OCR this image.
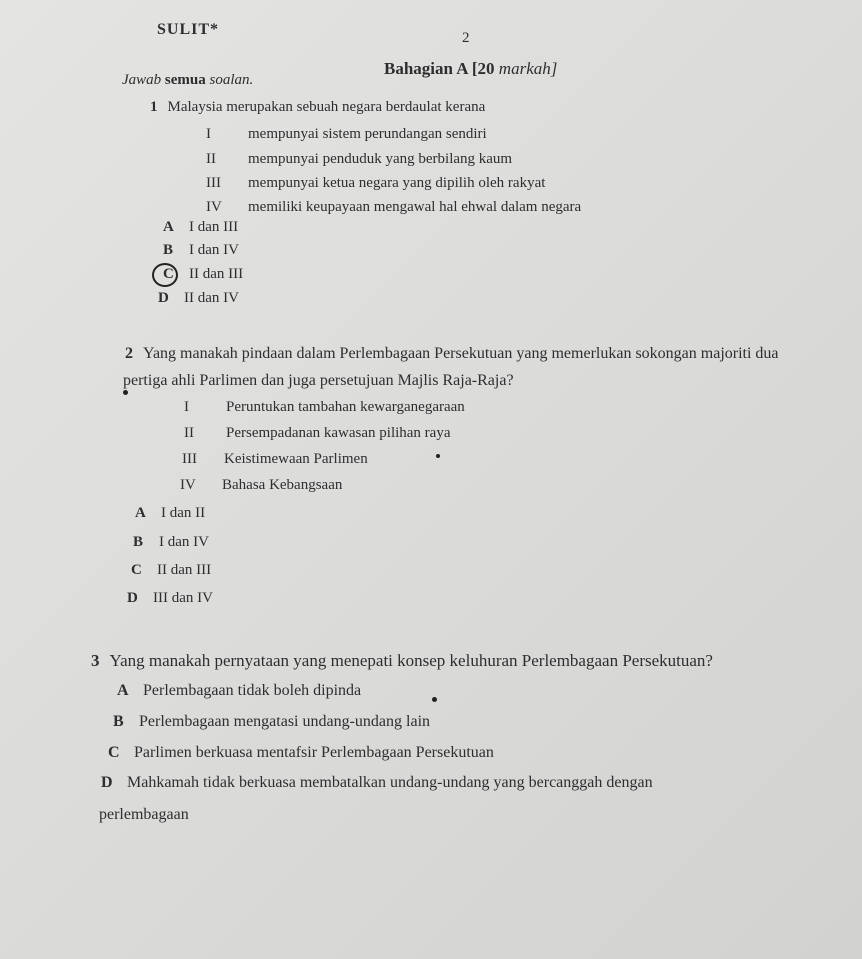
SULIT*	2
Bahagian A [20 markah]
Jawab semua soalan.
1 Malaysia merupakan sebuah negara berdaulat kerana
I mempunyai sistem perundangan sendiri
II mempunyai penduduk yang berbilang kaum
III mempunyai ketua negara yang dipilih oleh rakyat
IV memiliki keupayaan mengawal hal ehwal dalam negara
A I dan III
B I dan IV
C II dan III
D II dan IV
2 Yang manakah pindaan dalam Perlembagaan Persekutuan yang memerlukan sokongan majoriti dua
pertiga ahli Parlimen dan juga persetujuan Majlis Raja-Raja?
I Peruntukan tambahan kewarganegaraan
II Persempadanan kawasan pilihan raya
III Keistimewaan Parlimen
IV Bahasa Kebangsaan
A I dan II
B I dan IV
C II dan III
D III dan IV
3 Yang manakah pernyataan yang menepati konsep keluhuran Perlembagaan Persekutuan?
A Perlembagaan tidak boleh dipinda
B Perlembagaan mengatasi undang-undang lain
C Parlimen berkuasa mentafsir Perlembagaan Persekutuan
D Mahkamah tidak berkuasa membatalkan undang-undang yang bercanggah dengan
perlembagaan
